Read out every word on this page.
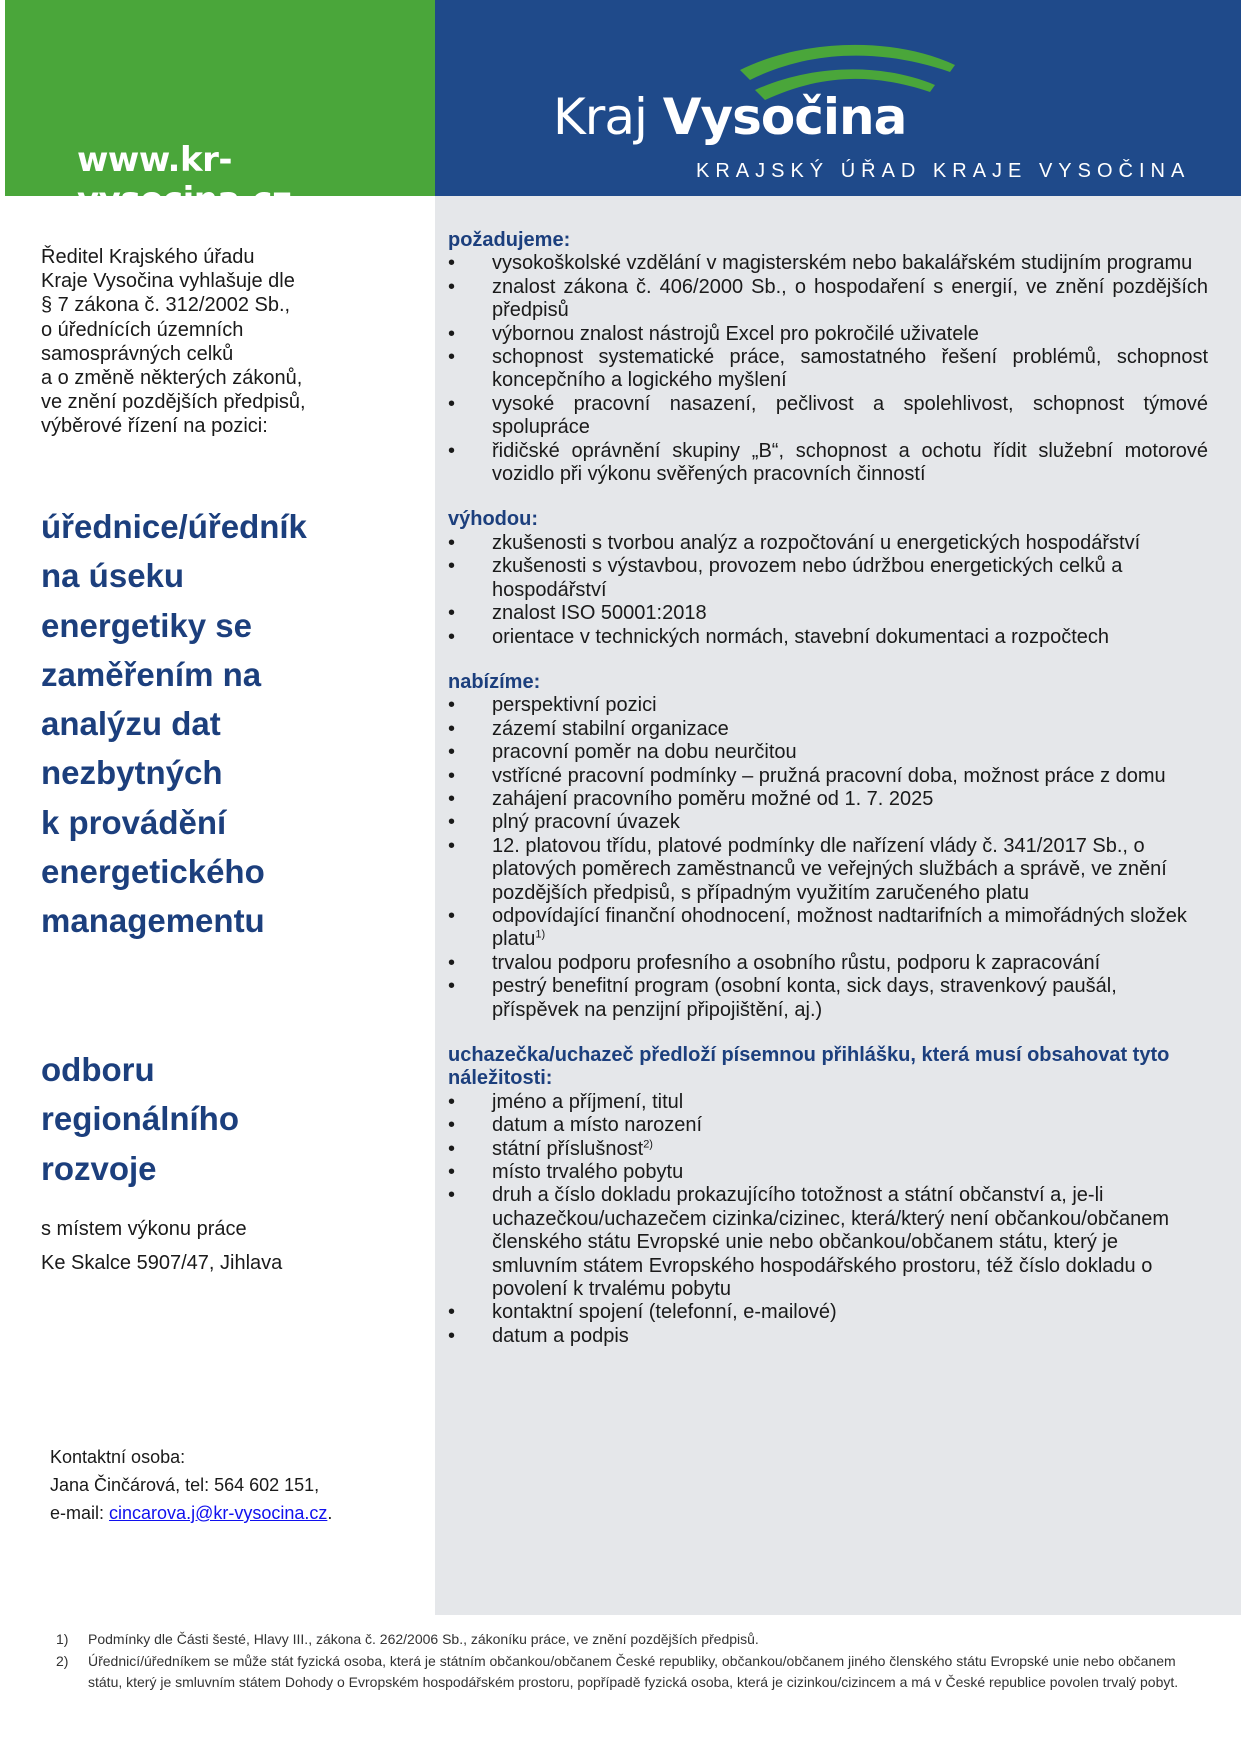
www.kr-vysocina.cz

Kraj Vysočina

KRAJSKÝ ÚŘAD KRAJE VYSOČINA

Ředitel Krajského úřadu
Kraje Vysočina vyhlašuje dle
§ 7 zákona č. 312/2002 Sb.,
o úřednících územních
samosprávných celků
a o změně některých zákonů,
ve znění pozdějších předpisů,
výběrové řízení na pozici:
úřednice/úředník
na úseku
energetiky se
zaměřením na
analýzu dat
nezbytných
k provádění
energetického
managementu
odboru
regionálního
rozvoje
s místem výkonu práce
Ke Skalce 5907/47, Jihlava
Kontaktní osoba:
Jana Činčárová, tel: 564 602 151,
e-mail: cincarova.j@kr-vysocina.cz.

požadujeme:

• vysokoškolské vzdělání v magisterském nebo bakalářském studijním programu
• znalost zákona č. 406/2000 Sb., o hospodaření s energií, ve znění pozdějších předpisů
• výbornou znalost nástrojů Excel pro pokročilé uživatele
• schopnost systematické práce, samostatného řešení problémů, schopnost koncepčního a logického myšlení
• vysoké pracovní nasazení, pečlivost a spolehlivost, schopnost týmové spolupráce
• řidičské oprávnění skupiny „B“, schopnost a ochotu řídit služební motorové vozidlo při výkonu svěřených pracovních činností

výhodou:

• zkušenosti s tvorbou analýz a rozpočtování u energetických hospodářství
• zkušenosti s výstavbou, provozem nebo údržbou energetických celků a hospodářství
• znalost ISO 50001:2018
• orientace v technických normách, stavební dokumentaci a rozpočtech

nabízíme:

• perspektivní pozici
• zázemí stabilní organizace
• pracovní poměr na dobu neurčitou
• vstřícné pracovní podmínky – pružná pracovní doba, možnost práce z domu
• zahájení pracovního poměru možné od 1. 7. 2025
• plný pracovní úvazek
• 12. platovou třídu, platové podmínky dle nařízení vlády č. 341/2017 Sb., o platových poměrech zaměstnanců ve veřejných službách a správě, ve znění pozdějších předpisů, s případným využitím zaručeného platu
• odpovídající finanční ohodnocení, možnost nadtarifních a mimořádných složek platu$^{1)}$
• trvalou podporu profesního a osobního růstu, podporu k zapracování
• pestrý benefitní program (osobní konta, sick days, stravenkový paušál, příspěvek na penzijní připojištění, aj.)

uchazečka/uchazeč předloží písemnou přihlášku, která musí obsahovat tyto náležitosti:

• jméno a příjmení, titul
• datum a místo narození
• státní příslušnost$^{2)}$
• místo trvalého pobytu
• druh a číslo dokladu prokazujícího totožnost a státní občanství a, je-li uchazečkou/uchazečem cizinka/cizinec, která/který není občankou/občanem členského státu Evropské unie nebo občankou/občanem státu, který je smluvním státem Evropského hospodářského prostoru, též číslo dokladu o povolení k trvalému pobytu
• kontaktní spojení (telefonní, e-mailové)
• datum a podpis
1)	Podmínky dle Části šesté, Hlavy III., zákona č. 262/2006 Sb., zákoníku práce, ve znění pozdějších předpisů.
2)	Úřednicí/úředníkem se může stát fyzická osoba, která je státním občankou/občanem České republiky, občankou/občanem jiného členského státu Evropské unie nebo občanem státu, který je smluvním státem Dohody o Evropském hospodářském prostoru, popřípadě fyzická osoba, která je cizinkou/cizincem a má v České republice povolen trvalý pobyt.
